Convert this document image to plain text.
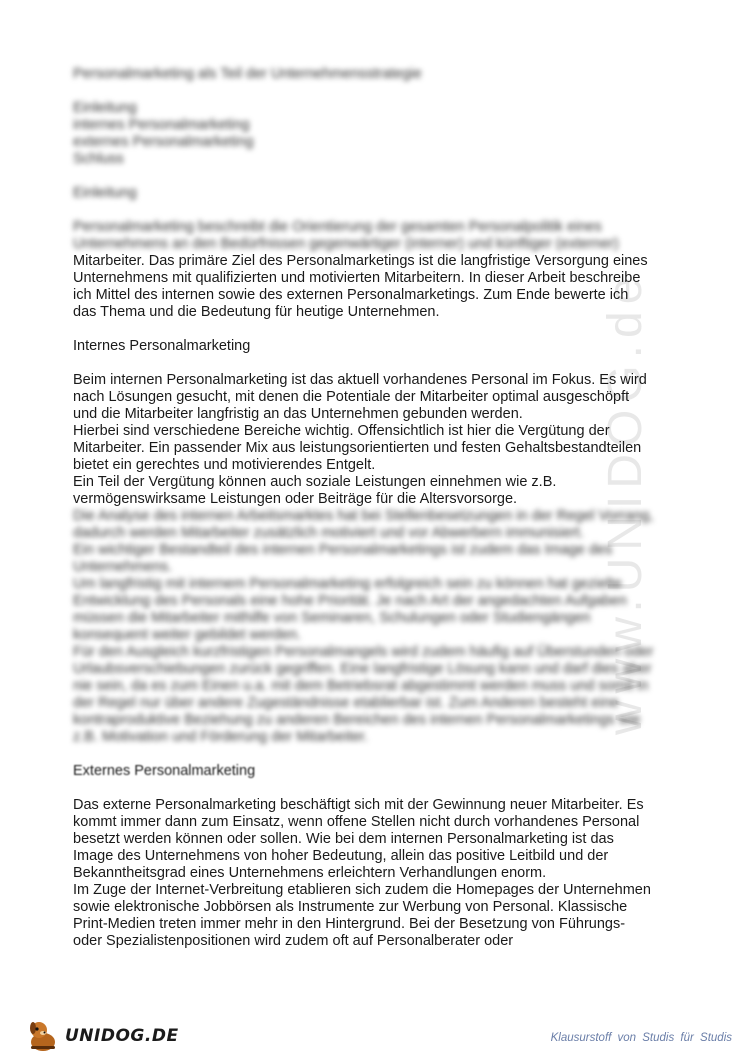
www.UNIDOG.de
Personalmarketing als Teil der Unternehmensstrategie
Einleitung
internes Personalmarketing
externes Personalmarketing
Schluss
Einleitung
Personalmarketing beschreibt die Orientierung der gesamten Personalpolitik eines
Unternehmens an den Bedürfnissen gegenwärtiger (interner) und künftiger (externer)
Mitarbeiter. Das primäre Ziel des Personalmarketings ist die langfristige Versorgung eines
Unternehmens mit qualifizierten und motivierten Mitarbeitern. In dieser Arbeit beschreibe
ich Mittel des internen sowie des externen Personalmarketings. Zum Ende bewerte ich
das Thema und die Bedeutung für heutige Unternehmen.
Internes Personalmarketing
Beim internen Personalmarketing ist das aktuell vorhandenes Personal im Fokus. Es wird
nach Lösungen gesucht, mit denen die Potentiale der Mitarbeiter optimal ausgeschöpft
und die Mitarbeiter langfristig an das Unternehmen gebunden werden.
Hierbei sind verschiedene Bereiche wichtig. Offensichtlich ist hier die Vergütung der
Mitarbeiter. Ein passender Mix aus leistungsorientierten und festen Gehaltsbestandteilen
bietet ein gerechtes und motivierendes Entgelt.
Ein Teil der Vergütung können auch soziale Leistungen einnehmen wie z.B.
vermögenswirksame Leistungen oder Beiträge für die Altersvorsorge.
Die Analyse des internen Arbeitsmarktes hat bei Stellenbesetzungen in der Regel Vorrang,
dadurch werden Mitarbeiter zusätzlich motiviert und vor Abwerbern immunisiert.
Ein wichtiger Bestandteil des internen Personalmarketings ist zudem das Image des
Unternehmens.
Um langfristig mit internem Personalmarketing erfolgreich sein zu können hat gezielte
Entwicklung des Personals eine hohe Priorität. Je nach Art der angedachten Aufgaben
müssen die Mitarbeiter mithilfe von Seminaren, Schulungen oder Studiengängen
konsequent weiter gebildet werden.
Für den Ausgleich kurzfristigen Personalmangels wird zudem häufig auf Überstunden oder
Urlaubsverschiebungen zurück gegriffen. Eine langfristige Lösung kann und darf dies aber
nie sein, da es zum Einen u.a. mit dem Betriebsrat abgestimmt werden muss und somit in
der Regel nur über andere Zugeständnisse etablierbar ist. Zum Anderen besteht eine
kontraproduktive Beziehung zu anderen Bereichen des internen Personalmarketings wie
z.B. Motivation und Förderung der Mitarbeiter.
Externes Personalmarketing
Das externe Personalmarketing beschäftigt sich mit der Gewinnung neuer Mitarbeiter. Es
kommt immer dann zum Einsatz, wenn offene Stellen nicht durch vorhandenes Personal
besetzt werden können oder sollen. Wie bei dem internen Personalmarketing ist das
Image des Unternehmens von hoher Bedeutung, allein das positive Leitbild und der
Bekanntheitsgrad eines Unternehmens erleichtern Verhandlungen enorm.
Im Zuge der Internet-Verbreitung etablieren sich zudem die Homepages der Unternehmen
sowie elektronische Jobbörsen als Instrumente zur Werbung von Personal. Klassische
Print-Medien treten immer mehr in den Hintergrund. Bei der Besetzung von Führungs-
oder Spezialistenpositionen wird zudem oft auf Personalberater oder
UNIDOG.DE	Klausurstoff von Studis für Studis
